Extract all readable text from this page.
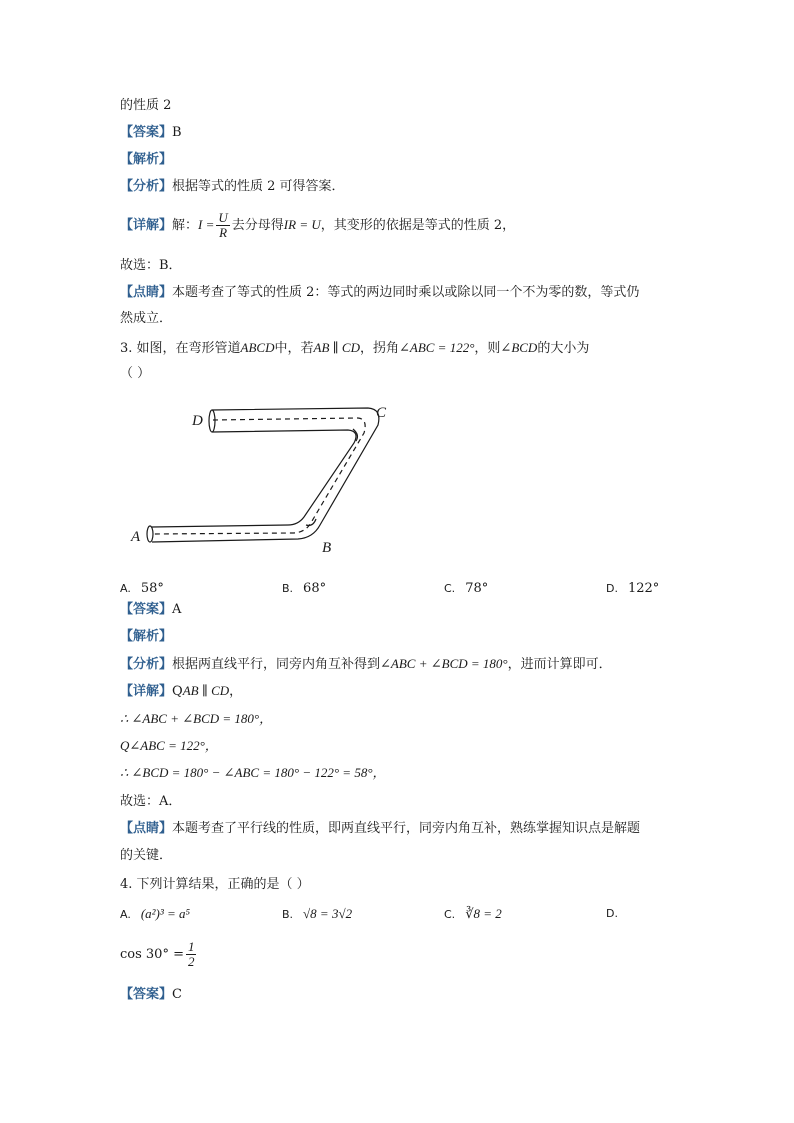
的性质 2
【答案】B
【解析】
【分析】根据等式的性质 2 可得答案．
【详解】解：$I = \frac{U}{R}$ 去分母得IR = U，其变形的依据是等式的性质 2，
故选：B．
【点睛】本题考查了等式的性质 2：等式的两边同时乘以或除以同一个不为零的数，等式仍
然成立．
3. 如图，在弯形管道ABCD中，若AB ∥ CD，拐角∠ABC = 122°，则∠BCD的大小为
（ ）
A. 58°	B. 68°	C. 78°	D. 122°
【答案】A
【解析】
【分析】根据两直线平行，同旁内角互补得到∠ABC + ∠BCD = 180°，进而计算即可．
【详解】QAB ∥ CD，
∴ ∠ABC + ∠BCD = 180°，
Q∠ABC = 122°，
∴ ∠BCD = 180° − ∠ABC = 180° − 122° = 58°，
故选：A．
【点睛】本题考查了平行线的性质，即两直线平行，同旁内角互补，熟练掌握知识点是解题
的关键．
4. 下列计算结果，正确的是（ ）
A. (a²)³ = a⁵	B. √8 = 3√2	C. ∛8 = 2	D.
$\cos 30^\circ = \frac{1}{2}$
【答案】C
D	C
A
B
